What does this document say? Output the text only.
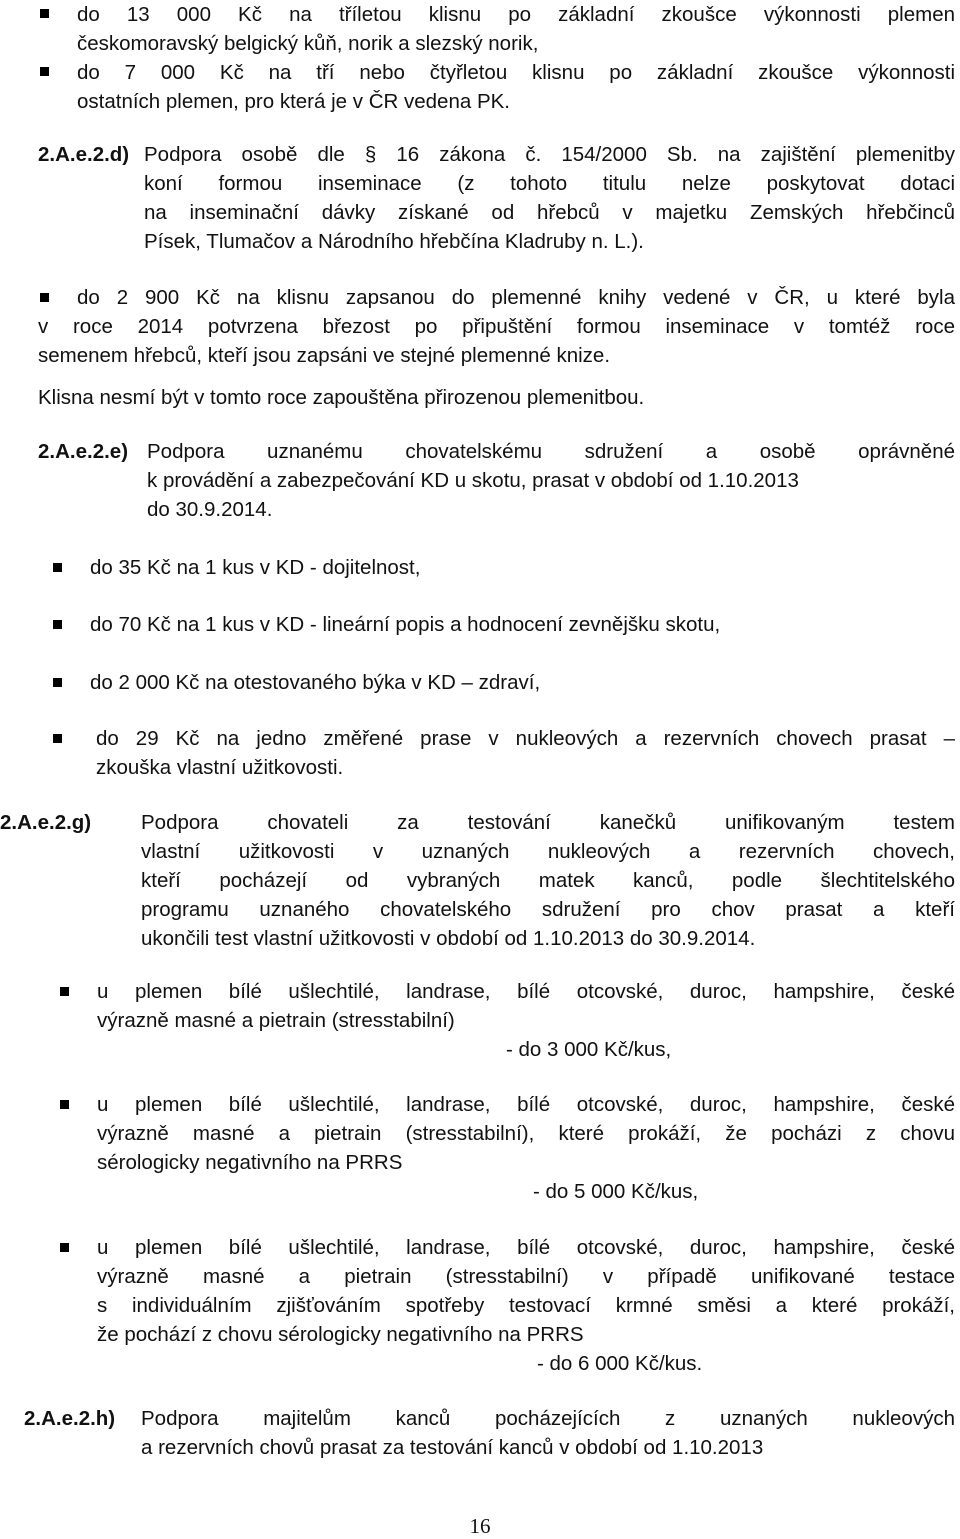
do 13 000 Kč na tříletou klisnu po základní zkoušce výkonnosti plemen
českomoravský belgický kůň, norik a slezský norik,
do 7 000 Kč na tří nebo čtyřletou klisnu po základní zkoušce výkonnosti
ostatních plemen, pro která je v ČR vedena PK.
2.A.e.2.d) Podpora osobě dle § 16 zákona č. 154/2000 Sb. na zajištění plemenitby
koní formou inseminace (z tohoto titulu nelze poskytovat dotaci
na inseminační dávky získané od hřebců v majetku Zemských hřebčinců
Písek, Tlumačov a Národního hřebčína Kladruby n. L.).
do 2 900 Kč na klisnu zapsanou do plemenné knihy vedené v ČR, u které byla
v roce 2014 potvrzena březost po připuštění formou inseminace v tomtéž roce
semenem hřebců, kteří jsou zapsáni ve stejné plemenné knize.
Klisna nesmí být v tomto roce zapouštěna přirozenou plemenitbou.
2.A.e.2.e) Podpora uznanému chovatelskému sdružení a osobě oprávněné
k provádění a zabezpečování KD u skotu, prasat v období od 1.10.2013
do 30.9.2014.
do 35 Kč na 1 kus v KD - dojitelnost,
do 70 Kč na 1 kus v KD - lineární popis a hodnocení zevnějšku skotu,
do 2 000 Kč na otestovaného býka v KD – zdraví,
do 29 Kč na jedno změřené prase v nukleových a rezervních chovech prasat –
zkouška vlastní užitkovosti.
2.A.e.2.g) Podpora chovateli za testování kanečků unifikovaným testem
vlastní užitkovosti v uznaných nukleových a rezervních chovech,
kteří pocházejí od vybraných matek kanců, podle šlechtitelského
programu uznaného chovatelského sdružení pro chov prasat a kteří
ukončili test vlastní užitkovosti v období od 1.10.2013 do 30.9.2014.
u plemen bílé ušlechtilé, landrase, bílé otcovské, duroc, hampshire, české
výrazně masné a pietrain (stresstabilní)
- do 3 000 Kč/kus,
u plemen bílé ušlechtilé, landrase, bílé otcovské, duroc, hampshire, české
výrazně masné a pietrain (stresstabilní), které prokáží, že pocházi z chovu
sérologicky negativního na PRRS
- do 5 000 Kč/kus,
u plemen bílé ušlechtilé, landrase, bílé otcovské, duroc, hampshire, české
výrazně masné a pietrain (stresstabilní) v případě unifikované testace
s individuálním zjišťováním spotřeby testovací krmné směsi a které prokáží,
že pochází z chovu sérologicky negativního na PRRS
- do 6 000 Kč/kus.
2.A.e.2.h) Podpora majitelům kanců pocházejících z uznaných nukleových
a rezervních chovů prasat za testování kanců v období od 1.10.2013
16
